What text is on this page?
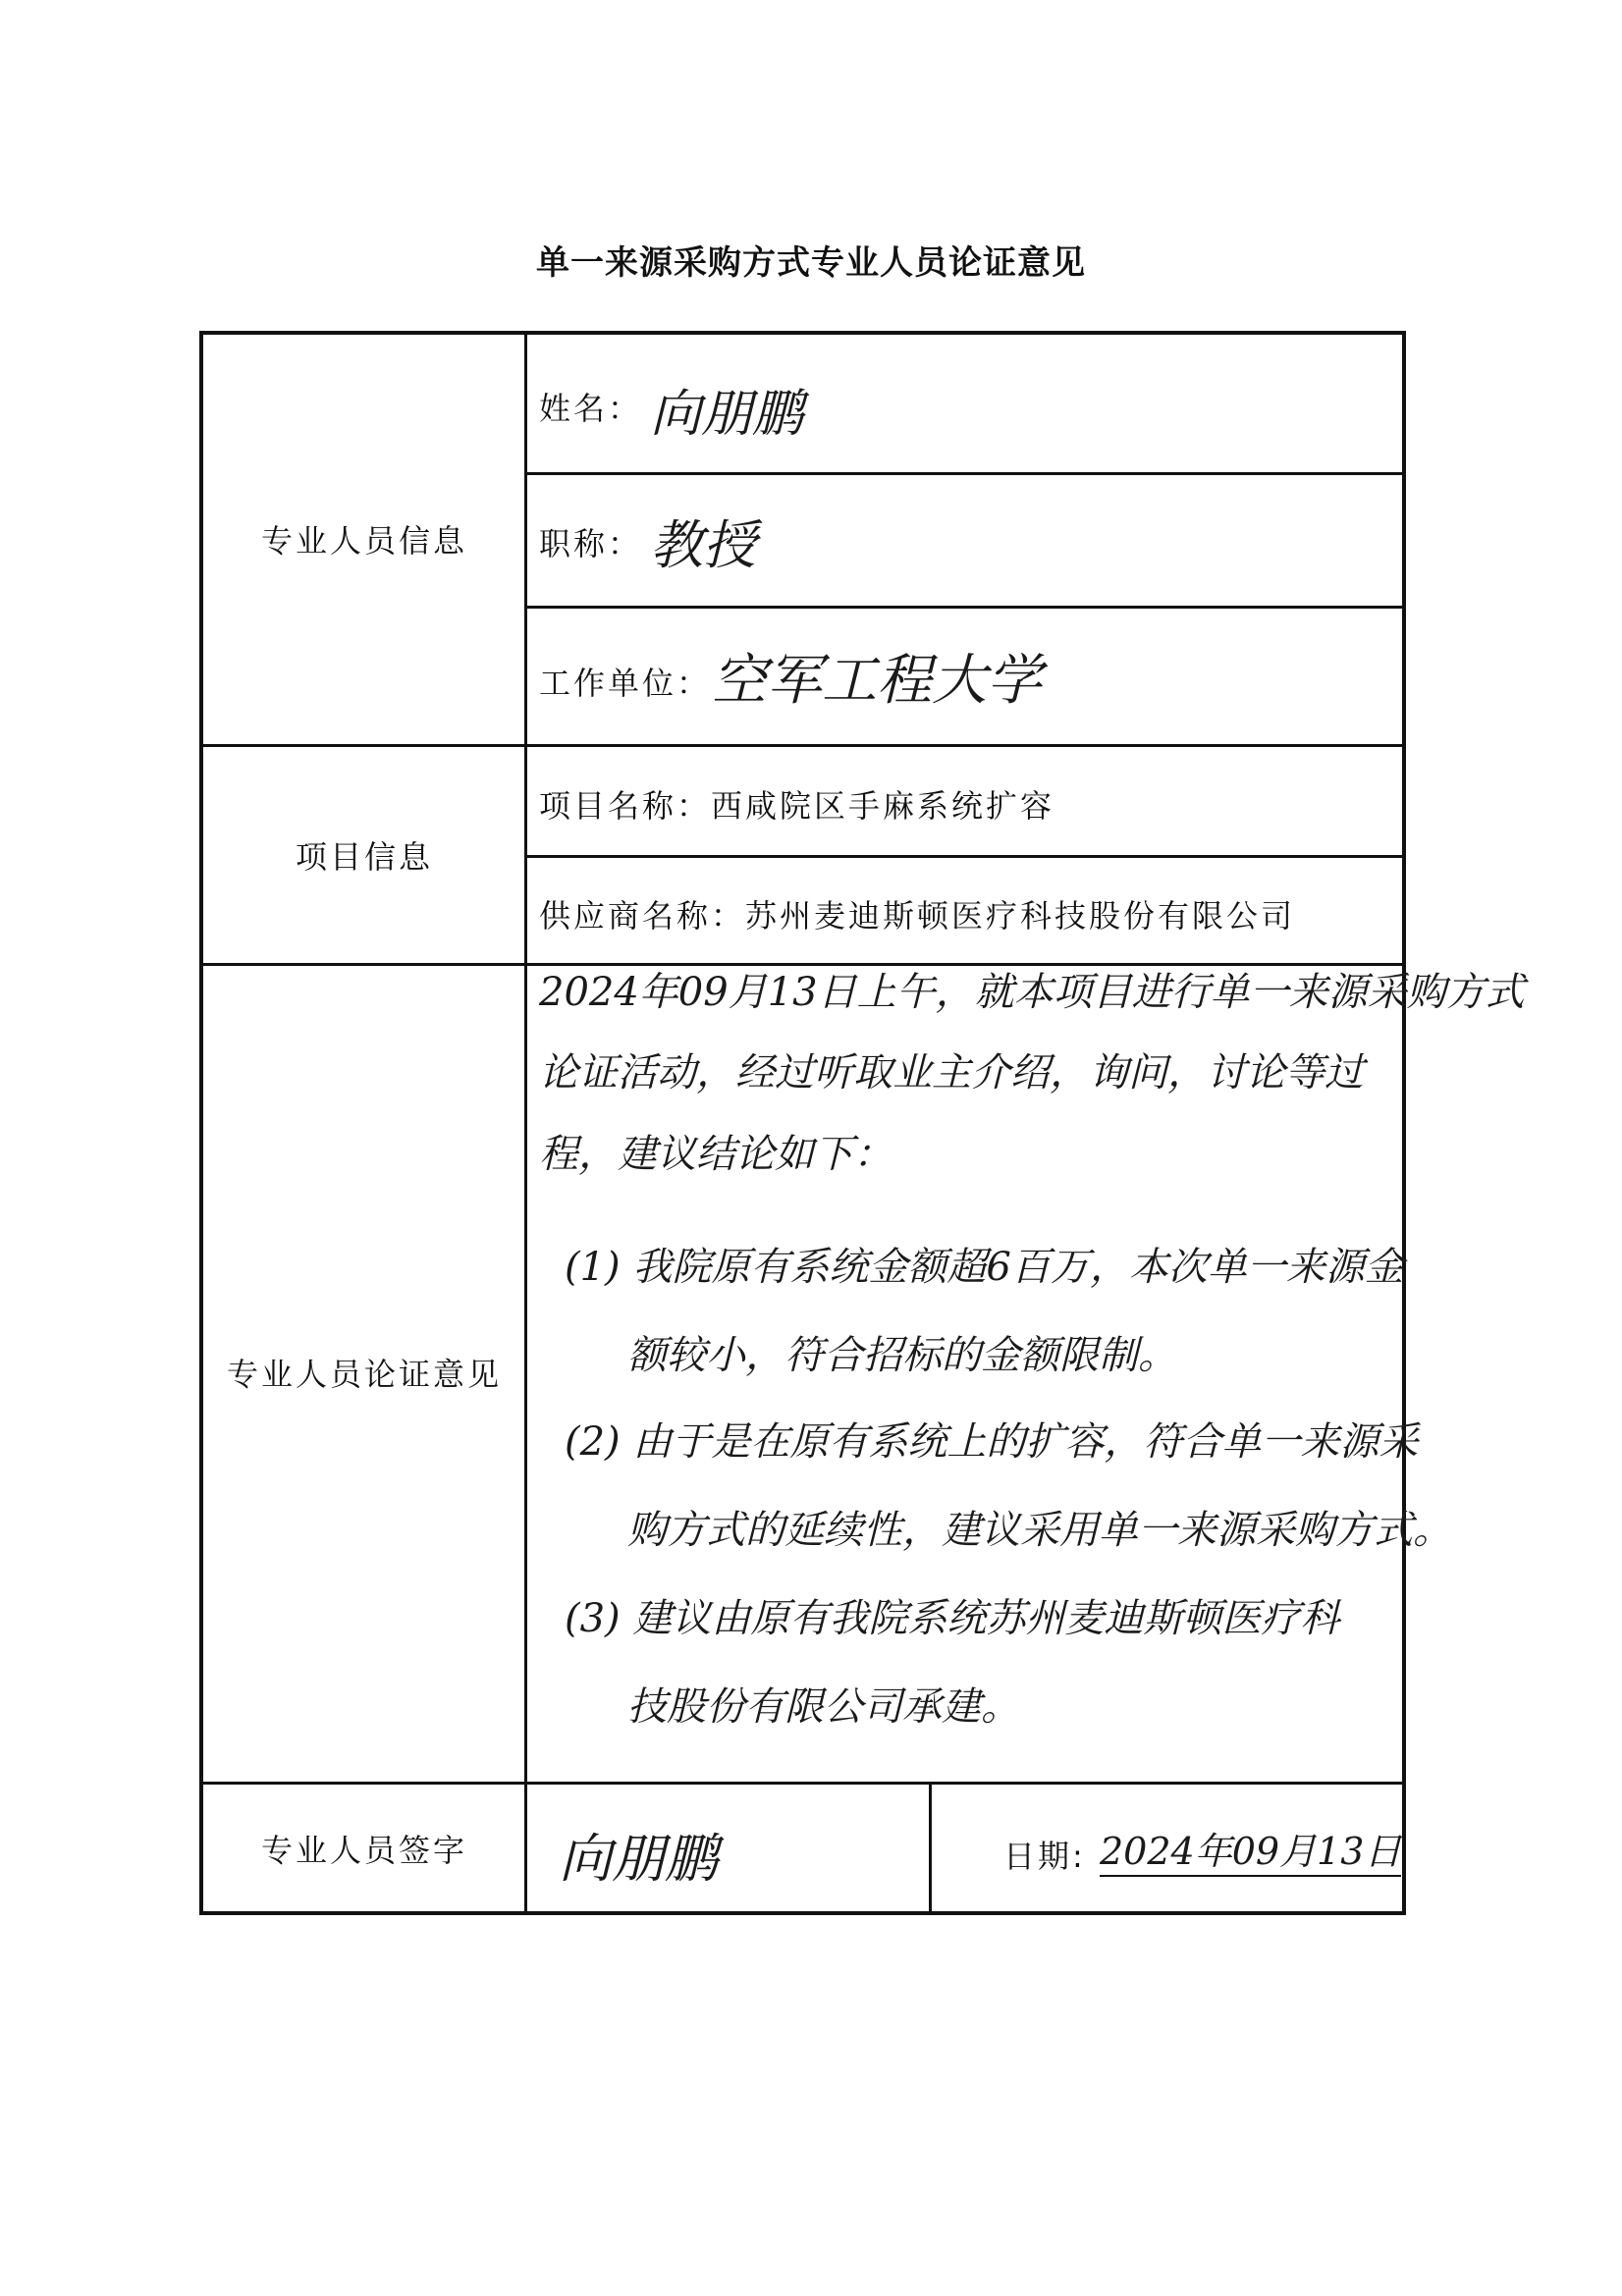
单一来源采购方式专业人员论证意见
专业人员信息
姓名： 向朋鹏
职称： 教授
工作单位： 空军工程大学
项目信息
项目名称：西咸院区手麻系统扩容
供应商名称：苏州麦迪斯顿医疗科技股份有限公司
专业人员论证意见
2024年09月13日上午，就本项目进行单一来源采购方式
论证活动，经过听取业主介绍，询问，讨论等过
程，建议结论如下：
(1) 我院原有系统金额超6百万，本次单一来源金
额较小，符合招标的金额限制。
(2) 由于是在原有系统上的扩容，符合单一来源采
购方式的延续性，建议采用单一来源采购方式。
(3) 建议由原有我院系统苏州麦迪斯顿医疗科
技股份有限公司承建。
专业人员签字 向朋鹏	日期: 2024年09月13日
